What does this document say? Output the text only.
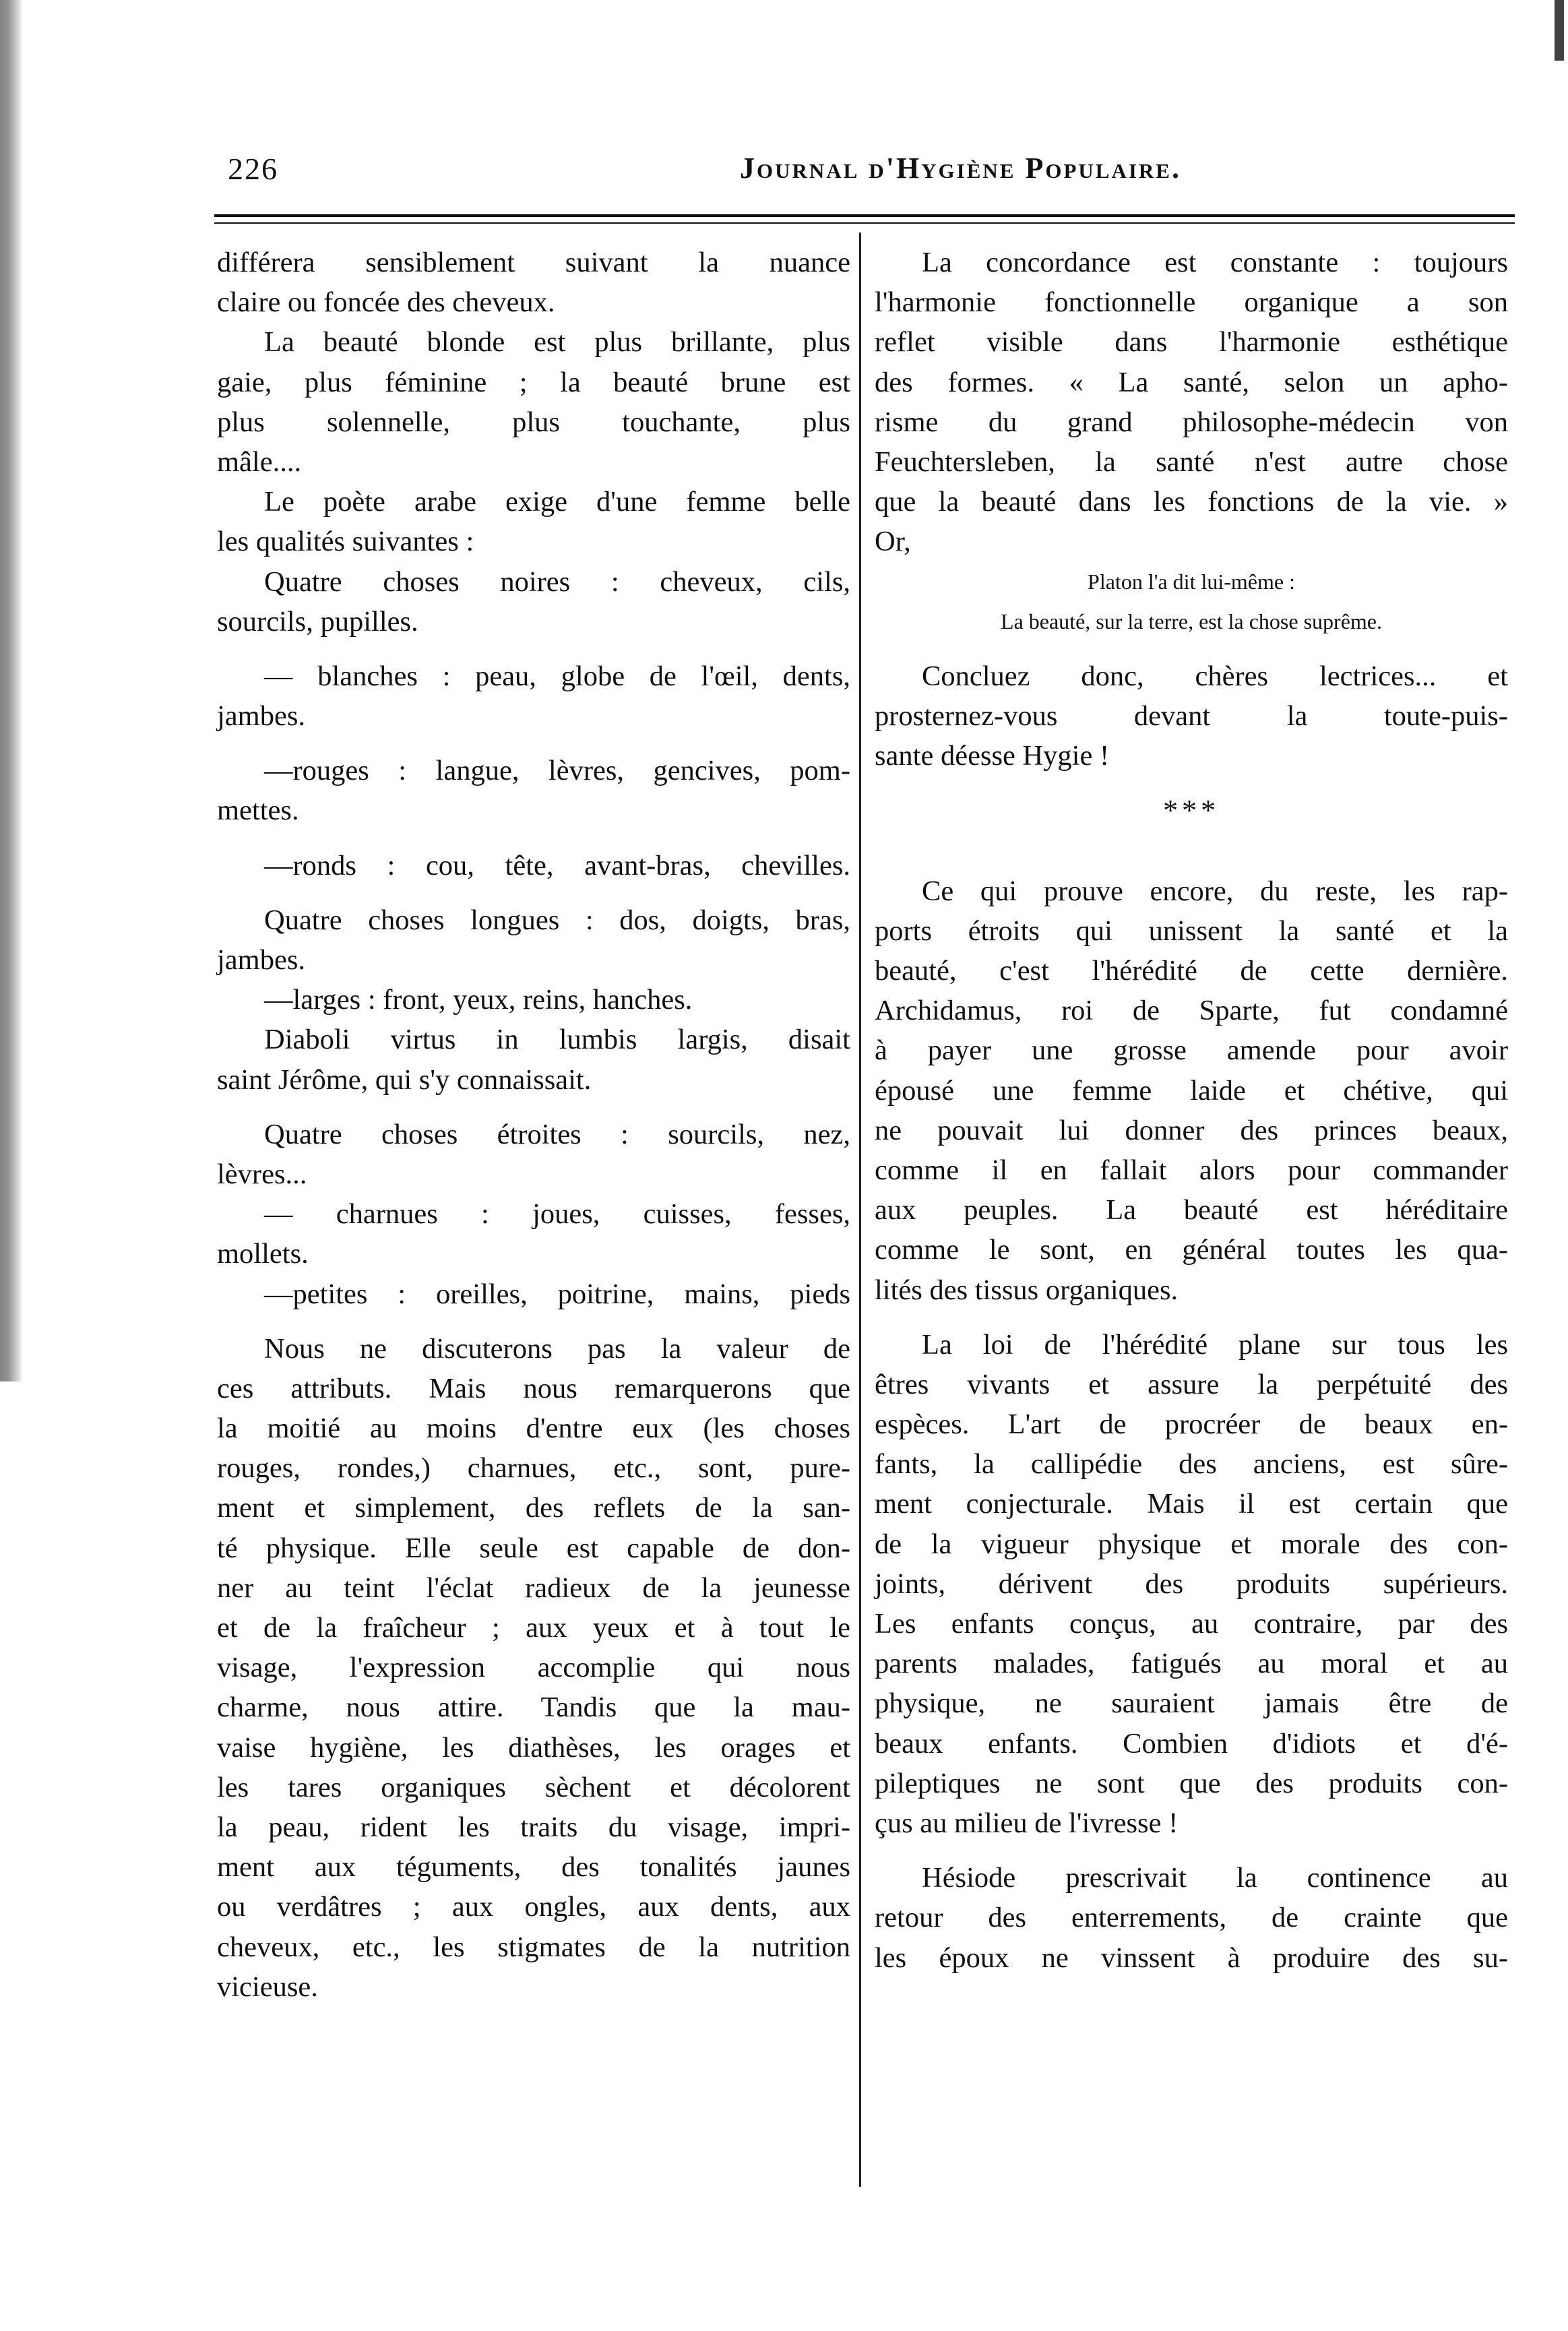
226	Journal d'Hygiène Populaire.
différera sensiblement suivant la nuance
claire ou foncée des cheveux.
La beauté blonde est plus brillante, plus
gaie, plus féminine ; la beauté brune est
plus solennelle, plus touchante, plus
mâle....
Le poète arabe exige d'une femme belle
les qualités suivantes :
Quatre choses noires : cheveux, cils,
sourcils, pupilles.
— blanches : peau, globe de l'œil, dents,
jambes.
—rouges : langue, lèvres, gencives, pom-
mettes.
—ronds : cou, tête, avant-bras, chevilles.
Quatre choses longues : dos, doigts, bras,
jambes.
—larges : front, yeux, reins, hanches.
Diaboli virtus in lumbis largis, disait
saint Jérôme, qui s'y connaissait.
Quatre choses étroites : sourcils, nez,
lèvres...
— charnues : joues, cuisses, fesses,
mollets.
—petites : oreilles, poitrine, mains, pieds
Nous ne discuterons pas la valeur de
ces attributs. Mais nous remarquerons que
la moitié au moins d'entre eux (les choses
rouges, rondes,) charnues, etc., sont, pure-
ment et simplement, des reflets de la san-
té physique. Elle seule est capable de don-
ner au teint l'éclat radieux de la jeunesse
et de la fraîcheur ; aux yeux et à tout le
visage, l'expression accomplie qui nous
charme, nous attire. Tandis que la mau-
vaise hygiène, les diathèses, les orages et
les tares organiques sèchent et décolorent
la peau, rident les traits du visage, impri-
ment aux téguments, des tonalités jaunes
ou verdâtres ; aux ongles, aux dents, aux
cheveux, etc., les stigmates de la nutrition
vicieuse.
La concordance est constante : toujours
l'harmonie fonctionnelle organique a son
reflet visible dans l'harmonie esthétique
des formes. « La santé, selon un apho-
risme du grand philosophe-médecin von
Feuchtersleben, la santé n'est autre chose
que la beauté dans les fonctions de la vie. »
Or,
Platon l'a dit lui-même :
La beauté, sur la terre, est la chose suprême.
Concluez donc, chères lectrices... et
prosternez-vous devant la toute-puis-
sante déesse Hygie !
***
Ce qui prouve encore, du reste, les rap-
ports étroits qui unissent la santé et la
beauté, c'est l'hérédité de cette dernière.
Archidamus, roi de Sparte, fut condamné
à payer une grosse amende pour avoir
épousé une femme laide et chétive, qui
ne pouvait lui donner des princes beaux,
comme il en fallait alors pour commander
aux peuples. La beauté est héréditaire
comme le sont, en général toutes les qua-
lités des tissus organiques.
La loi de l'hérédité plane sur tous les
êtres vivants et assure la perpétuité des
espèces. L'art de procréer de beaux en-
fants, la callipédie des anciens, est sûre-
ment conjecturale. Mais il est certain que
de la vigueur physique et morale des con-
joints, dérivent des produits supérieurs.
Les enfants conçus, au contraire, par des
parents malades, fatigués au moral et au
physique, ne sauraient jamais être de
beaux enfants. Combien d'idiots et d'é-
pileptiques ne sont que des produits con-
çus au milieu de l'ivresse !
Hésiode prescrivait la continence au
retour des enterrements, de crainte que
les époux ne vinssent à produire des su-
